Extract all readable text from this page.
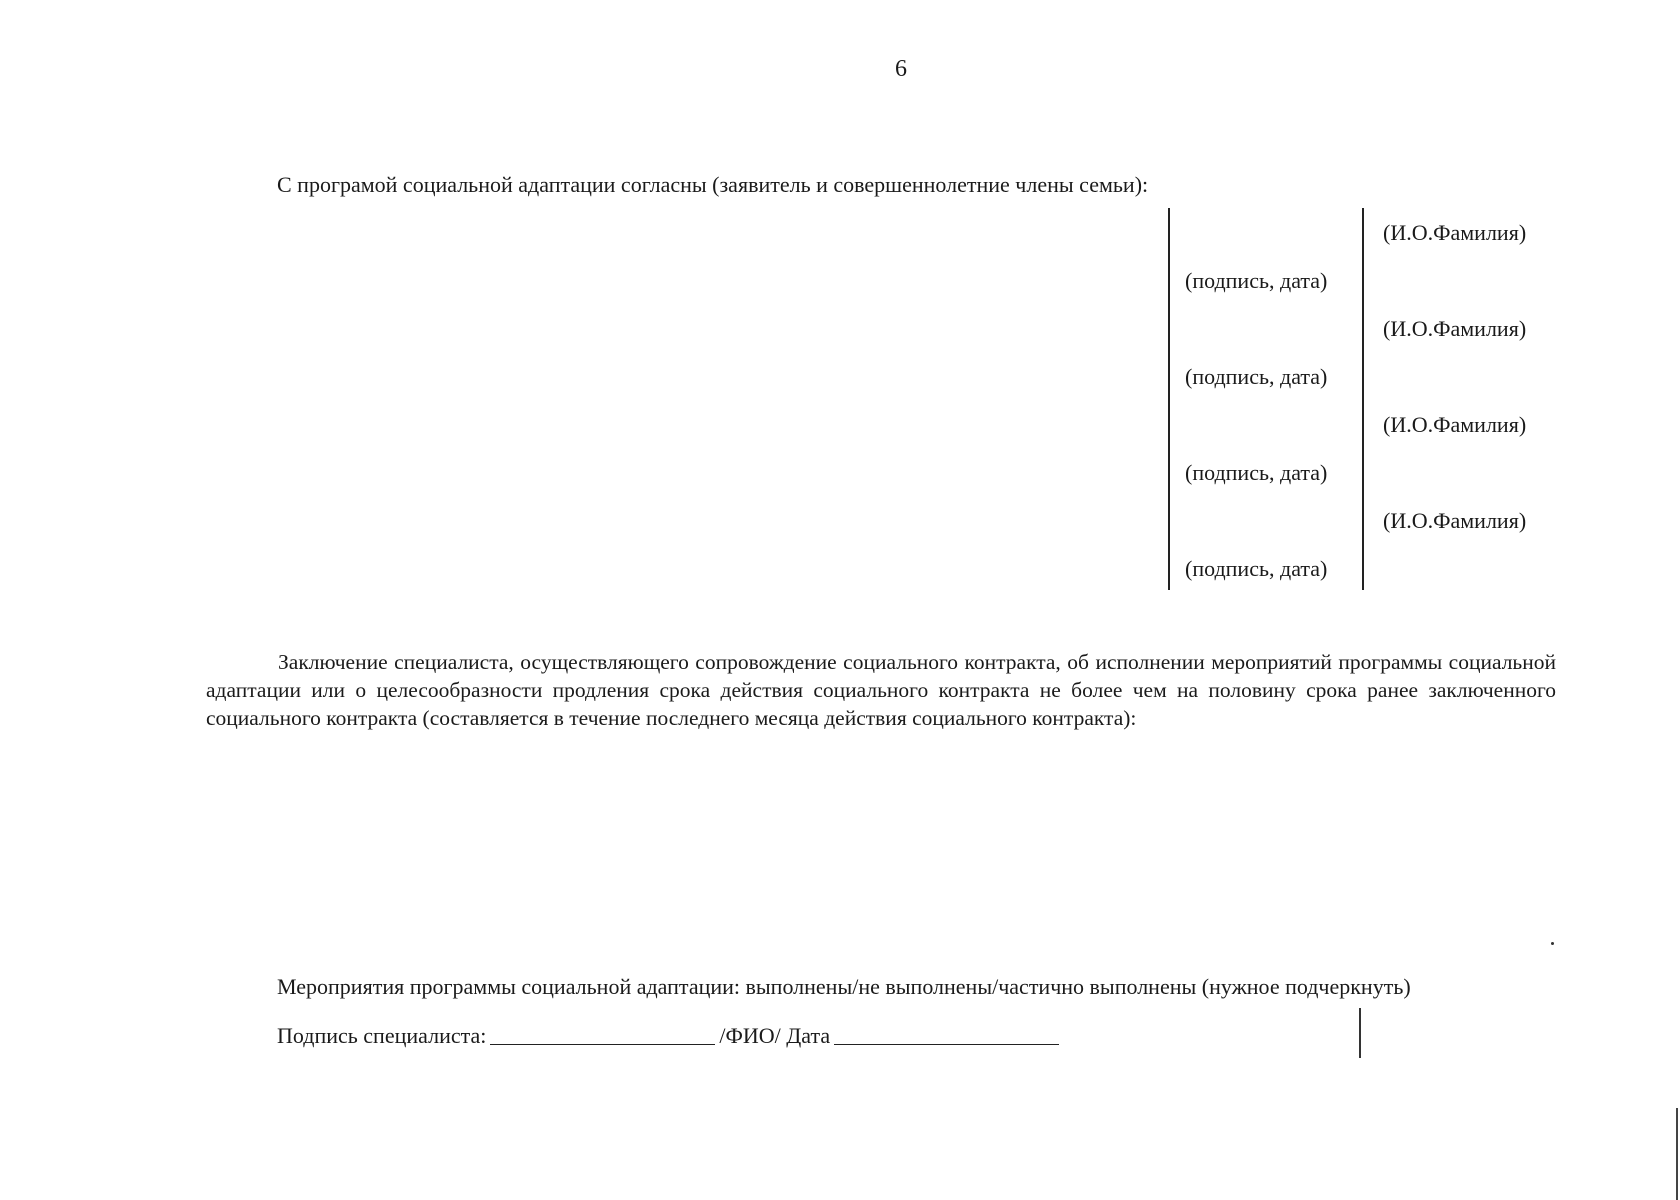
6
С програмой социальной адаптации согласны (заявитель и совершеннолетние члены семьи):
(И.О.Фамилия)
(подпись, дата)
(И.О.Фамилия)
(подпись, дата)
(И.О.Фамилия)
(подпись, дата)
(И.О.Фамилия)
(подпись, дата)

Заключение специалиста, осуществляющего сопровождение социального контракта, об исполнении мероприятий программы социальной адаптации или о целесообразности продления срока действия социального контракта не более чем на половину срока ранее заключенного социального контракта (составляется в течение последнего месяца действия социального контракта):

Мероприятия программы социальной адаптации: выполнены/не выполнены/частично выполнены (нужное подчеркнуть)
Подпись специалиста:	/ФИО/ Дата
